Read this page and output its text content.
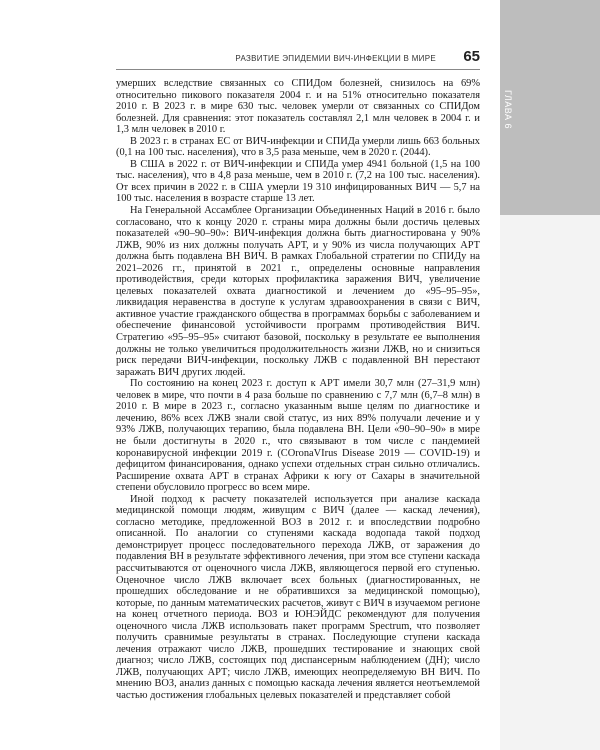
ГЛАВА 6
РАЗВИТИЕ ЭПИДЕМИИ ВИЧ-ИНФЕКЦИИ В МИРЕ 65

умерших вследствие связанных со СПИДом болезней, снизилось на 69% относительно пикового показателя 2004 г. и на 51% относительно показателя 2010 г. В 2023 г. в мире 630 тыс. человек умерли от связанных со СПИДом болезней. Для сравнения: этот показатель составлял 2,1 млн человек в 2004 г. и 1,3 млн человек в 2010 г.

В 2023 г. в странах ЕС от ВИЧ-инфекции и СПИДа умерли лишь 663 больных (0,1 на 100 тыс. населения), что в 3,5 раза меньше, чем в 2020 г. (2044).

В США в 2022 г. от ВИЧ-инфекции и СПИДа умер 4941 больной (1,5 на 100 тыс. населения), что в 4,8 раза меньше, чем в 2010 г. (7,2 на 100 тыс. населения). От всех причин в 2022 г. в США умерли 19 310 инфицированных ВИЧ — 5,7 на 100 тыс. населения в возрасте старше 13 лет.

На Генеральной Ассамблее Организации Объединенных Наций в 2016 г. было согласовано, что к концу 2020 г. страны мира должны были достичь целевых показателей «90–90–90»: ВИЧ-инфекция должна быть диагностирована у 90% ЛЖВ, 90% из них должны получать АРТ, и у 90% из числа получающих АРТ должна быть подавлена ВН ВИЧ. В рамках Глобальной стратегии по СПИДу на 2021–2026 гг., принятой в 2021 г., определены основные направления противодействия, среди которых профилактика заражения ВИЧ, увеличение целевых показателей охвата диагностикой и лечением до «95–95–95», ликвидация неравенства в доступе к услугам здравоохранения в связи с ВИЧ, активное участие гражданского общества в программах борьбы с заболеванием и обеспечение финансовой устойчивости программ противодействия ВИЧ. Стратегию «95–95–95» считают базовой, поскольку в результате ее выполнения должны не только увеличиться продолжительность жизни ЛЖВ, но и снизиться риск передачи ВИЧ-инфекции, поскольку ЛЖВ с подавленной ВН перестают заражать ВИЧ других людей.

По состоянию на конец 2023 г. доступ к АРТ имели 30,7 млн (27–31,9 млн) человек в мире, что почти в 4 раза больше по сравнению с 7,7 млн (6,7–8 млн) в 2010 г. В мире в 2023 г., согласно указанным выше целям по диагностике и лечению, 86% всех ЛЖВ знали свой статус, из них 89% получали лечение и у 93% ЛЖВ, получающих терапию, была подавлена ВН. Цели «90–90–90» в мире не были достигнуты в 2020 г., что связывают в том числе с пандемией коронавирусной инфекции 2019 г. (COronaVIrus Disease 2019 — COVID-19) и дефицитом финансирования, однако успехи отдельных стран сильно отличались. Расширение охвата АРТ в странах Африки к югу от Сахары в значительной степени обусловило прогресс во всем мире.

Иной подход к расчету показателей используется при анализе каскада медицинской помощи людям, живущим с ВИЧ (далее — каскад лечения), согласно методике, предложенной ВОЗ в 2012 г. и впоследствии подробно описанной. По аналогии со ступенями каскада водопада такой подход демонстрирует процесс последовательного перехода ЛЖВ, от заражения до подавления ВН в результате эффективного лечения, при этом все ступени каскада рассчитываются от оценочного числа ЛЖВ, являющегося первой его ступенью. Оценочное число ЛЖВ включает всех больных (диагностированных, не прошедших обследование и не обратившихся за медицинской помощью), которые, по данным математических расчетов, живут с ВИЧ в изучаемом регионе на конец отчетного периода. ВОЗ и ЮНЭЙДС рекомендуют для получения оценочного числа ЛЖВ использовать пакет программ Spectrum, что позволяет получить сравнимые результаты в странах. Последующие ступени каскада лечения отражают число ЛЖВ, прошедших тестирование и знающих свой диагноз; число ЛЖВ, состоящих под диспансерным наблюдением (ДН); число ЛЖВ, получающих АРТ; число ЛЖВ, имеющих неопределяемую ВН ВИЧ. По мнению ВОЗ, анализ данных с помощью каскада лечения является неотъемлемой частью достижения глобальных целевых показателей и представляет собой
